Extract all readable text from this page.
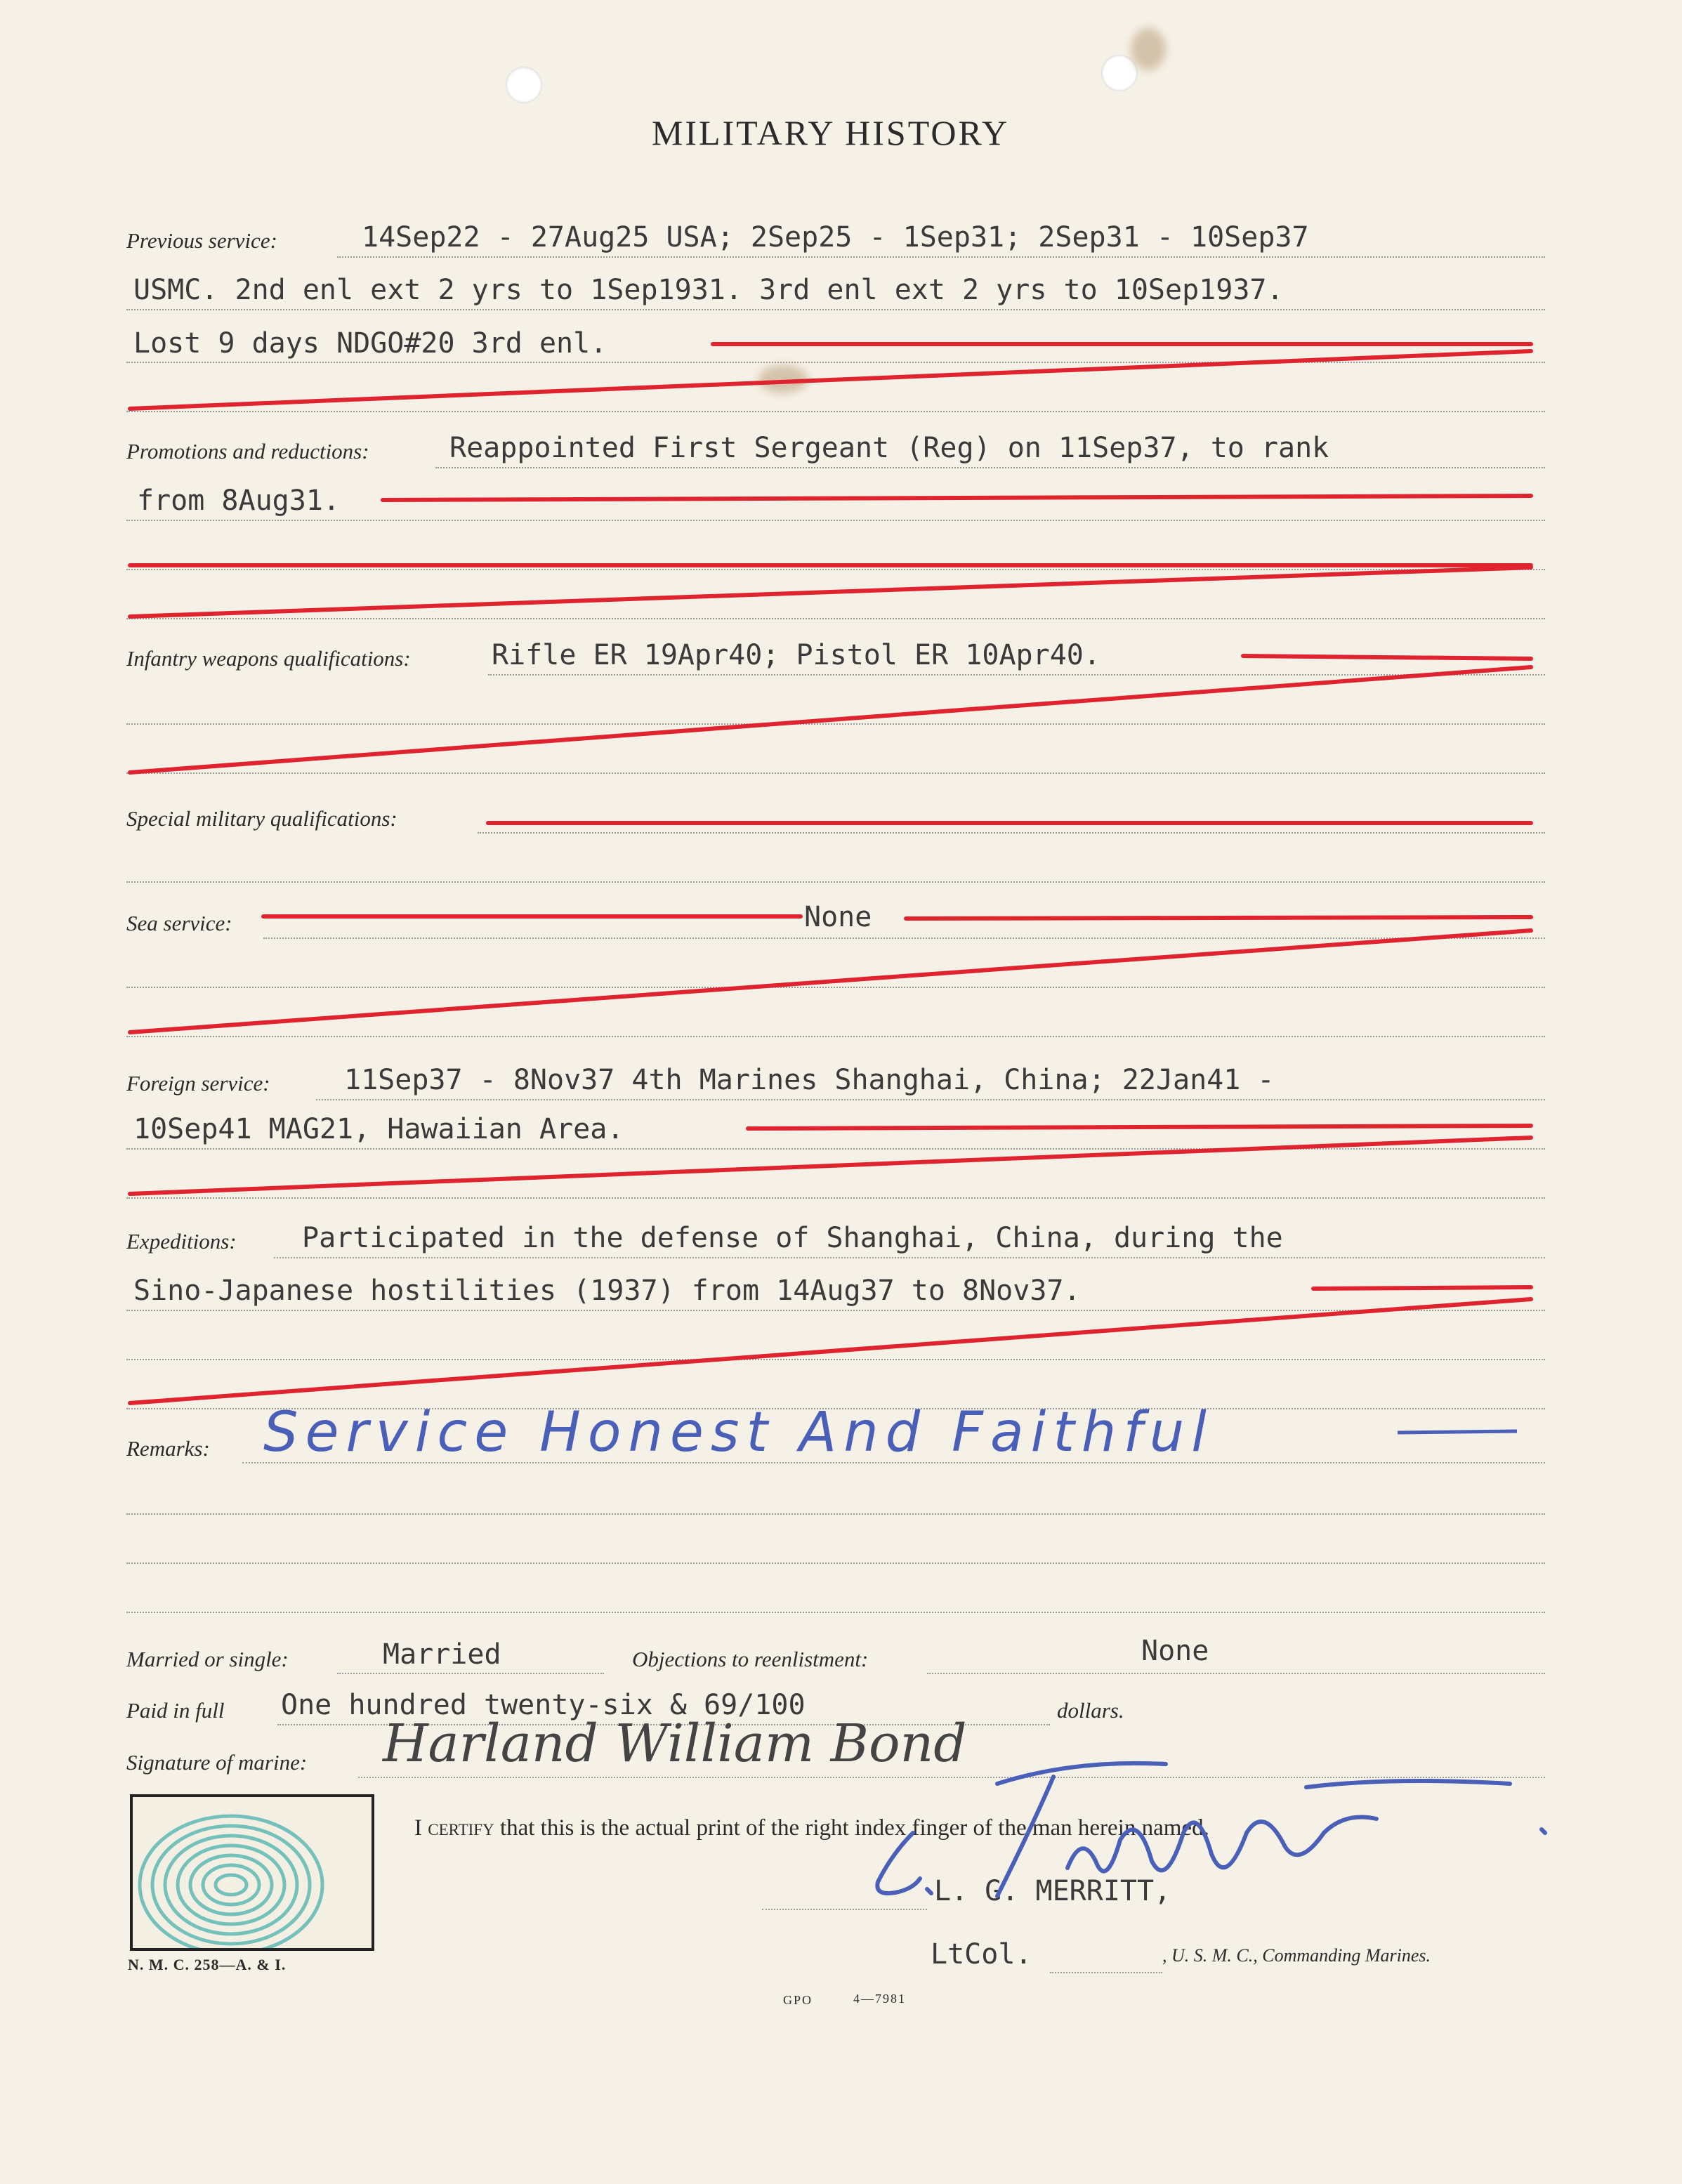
MILITARY HISTORY
Previous service:	14Sep22 - 27Aug25 USA; 2Sep25 - 1Sep31; 2Sep31 - 10Sep37
USMC. 2nd enl ext 2 yrs to 1Sep1931. 3rd enl ext 2 yrs to 10Sep1937.
Lost 9 days NDGO#20 3rd enl.
Promotions and reductions:	Reappointed First Sergeant (Reg) on 11Sep37, to rank
from 8Aug31.
Infantry weapons qualifications:	Rifle ER 19Apr40; Pistol ER 10Apr40.
Special military qualifications:
Sea service:	None
Foreign service:	11Sep37 - 8Nov37 4th Marines Shanghai, China; 22Jan41 -
10Sep41 MAG21, Hawaiian Area.
Expeditions: Participated in the defense of Shanghai, China, during the
Sino-Japanese hostilities (1937) from 14Aug37 to 8Nov37.
Remarks: Service Honest And Faithful
Married or single:	Married	Objections to reenlistment:	None
Paid in full One hundred twenty-six & 69/100	dollars.
Signature of marine: Harland William Bond
N. M. C. 258—A. & I.
I certify that this is the actual print of the right index finger of the man herein named.
L. G. MERRITT,
LtCol.	, U. S. M. C., Commanding Marines.
GPO	4—7981
